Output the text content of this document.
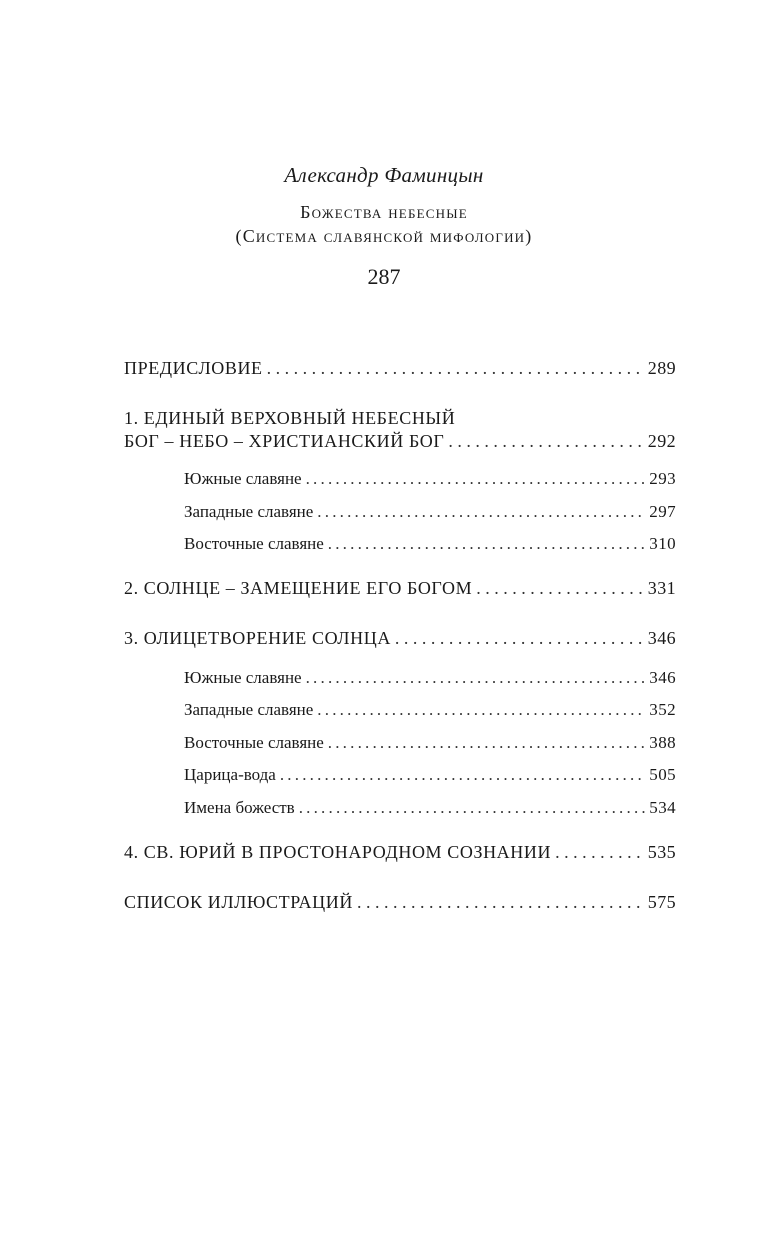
Александр Фаминцын
Божества небесные
(Система славянской мифологии)
287
ПРЕДИСЛОВИЕ . . .	289
1. ЕДИНЫЙ ВЕРХОВНЫЙ НЕБЕСНЫЙ
БОГ – НЕБО – ХРИСТИАНСКИЙ БОГ . . .	292
Южные славяне .....	293
Западные славяне .....	297
Восточные славяне .....	310
2. СОЛНЦЕ – ЗАМЕЩЕНИЕ ЕГО БОГОМ . . .	331
3. ОЛИЦЕТВОРЕНИЕ СОЛНЦА . . .	346
Южные славяне .....	346
Западные славяне .....	352
Восточные славяне .....	388
Царица-вода .....	505
Имена божеств .....	534
4. СВ. ЮРИЙ В ПРОСТОНАРОДНОМ СОЗНАНИИ . . .	535
СПИСОК ИЛЛЮСТРАЦИЙ . . .	575
